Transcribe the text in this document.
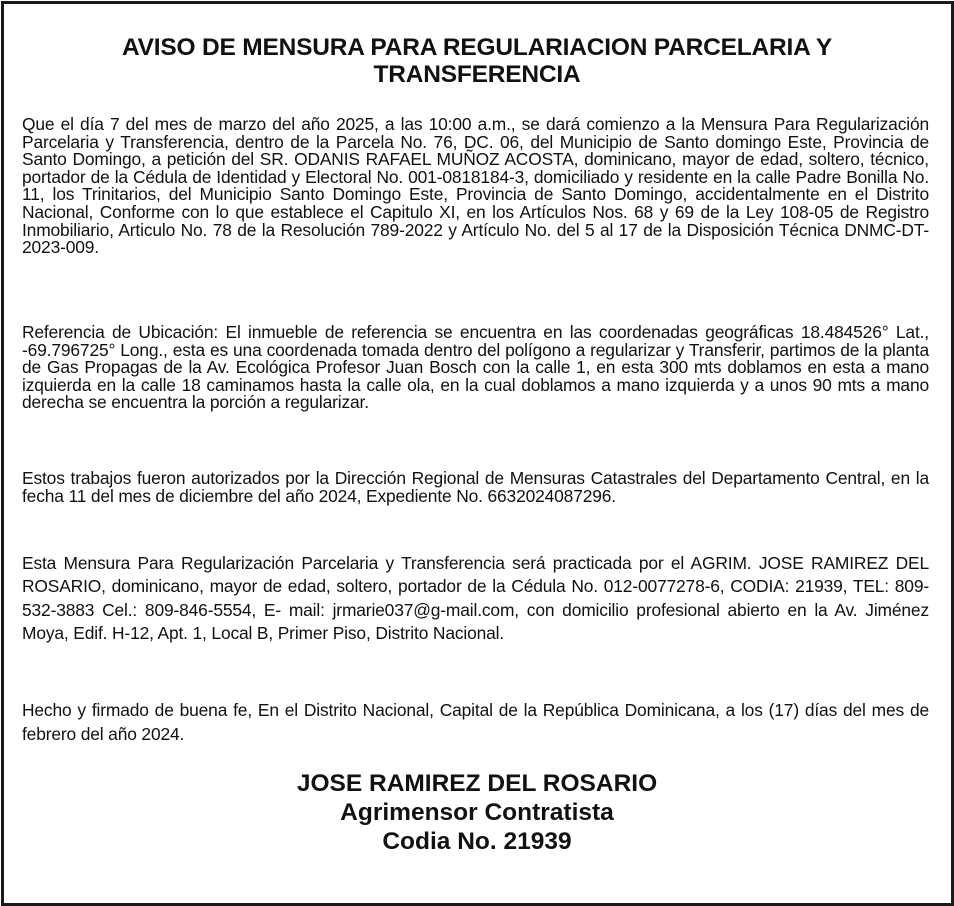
AVISO DE MENSURA PARA REGULARIACION PARCELARIA Y TRANSFERENCIA

Que el día 7 del mes de marzo del año 2025, a las 10:00 a.m., se dará comienzo a la Mensura Para Regularización Parcelaria y Transferencia, dentro de la Parcela No. 76, DC. 06, del Municipio de Santo domingo Este, Provincia de Santo Domingo, a petición del SR. ODANIS RAFAEL MUÑOZ ACOSTA, dominicano, mayor de edad, soltero, técnico, portador de la Cédula de Identidad y Electoral No. 001-0818184-3, domiciliado y residente en la calle Padre Bonilla No. 11, los Trinitarios, del Municipio Santo Domingo Este, Provincia de Santo Domingo, accidentalmente en el Distrito Nacional, Conforme con lo que establece el Capitulo XI, en los Artículos Nos. 68 y 69 de la Ley 108-05 de Registro Inmobiliario, Articulo No. 78 de la Resolución 789-2022 y Artículo No. del 5 al 17 de la Disposición Técnica DNMC-DT-2023-009.

Referencia de Ubicación: El inmueble de referencia se encuentra en las coordenadas geográficas 18.484526° Lat., -69.796725° Long., esta es una coordenada tomada dentro del polígono a regularizar y Transferir, partimos de la planta de Gas Propagas de la Av. Ecológica Profesor Juan Bosch con la calle 1, en esta 300 mts doblamos en esta a mano izquierda en la calle 18 caminamos hasta la calle ola, en la cual doblamos a mano izquierda y a unos 90 mts a mano derecha se encuentra la porción a regularizar.

Estos trabajos fueron autorizados por la Dirección Regional de Mensuras Catastrales del Departamento Central, en la fecha 11 del mes de diciembre del año 2024, Expediente No. 6632024087296.

Esta Mensura Para Regularización Parcelaria y Transferencia será practicada por el AGRIM. JOSE RAMIREZ DEL ROSARIO, dominicano, mayor de edad, soltero, portador de la Cédula No. 012-0077278-6, CODIA: 21939, TEL: 809-532-3883 Cel.: 809-846-5554, E- mail: jrmarie037@g-mail.com, con domicilio profesional abierto en la Av. Jiménez Moya, Edif. H-12, Apt. 1, Local B, Primer Piso, Distrito Nacional.

Hecho y firmado de buena fe, En el Distrito Nacional, Capital de la República Dominicana, a los (17) días del mes de febrero del año 2024.

JOSE RAMIREZ DEL ROSARIO
Agrimensor Contratista
Codia No. 21939
